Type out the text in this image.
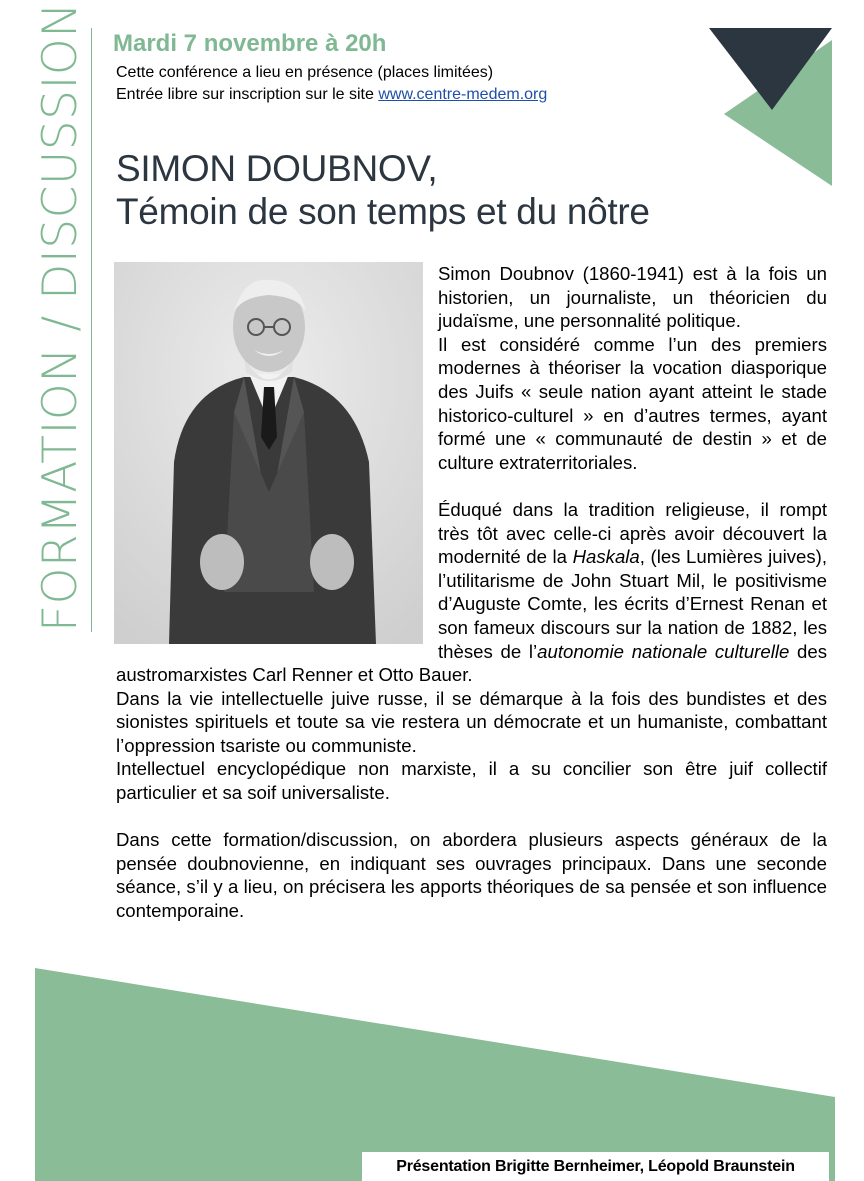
FORMATION / DISCUSSION Mardi 7 novembre à 20h
Cette conférence a lieu en présence (places limitées)
Entrée libre sur inscription sur le site www.centre-medem.org
SIMON DOUBNOV,
Témoin de son temps et du nôtre

Simon Doubnov (1860-1941) est à la fois un historien, un journaliste, un théoricien du judaïsme, une personnalité politique.

Il est considéré comme l’un des premiers modernes à théoriser la vocation diasporique des Juifs « seule nation ayant atteint le stade historico-culturel » en d’autres termes, ayant formé une « communauté de destin » et de culture extraterritoriales.

Éduqué dans la tradition religieuse, il rompt très tôt avec celle-ci après avoir découvert la modernité de la Haskala, (les Lumières juives), l’utilitarisme de John Stuart Mil, le positivisme d’Auguste Comte, les écrits d’Ernest Renan et son fameux discours sur la nation de 1882, les thèses de l’autonomie nationale culturelle des austromarxistes Carl Renner et Otto Bauer.

Dans la vie intellectuelle juive russe, il se démarque à la fois des bundistes et des sionistes spirituels et toute sa vie restera un démocrate et un humaniste, combattant l’oppression tsariste ou communiste.

Intellectuel encyclopédique non marxiste, il a su concilier son être juif collectif particulier et sa soif universaliste.

Dans cette formation/discussion, on abordera plusieurs aspects généraux de la pensée doubnovienne, en indiquant ses ouvrages principaux. Dans une seconde séance, s’il y a lieu, on précisera les apports théoriques de sa pensée et son influence contemporaine.

Présentation Brigitte Bernheimer, Léopold Braunstein
